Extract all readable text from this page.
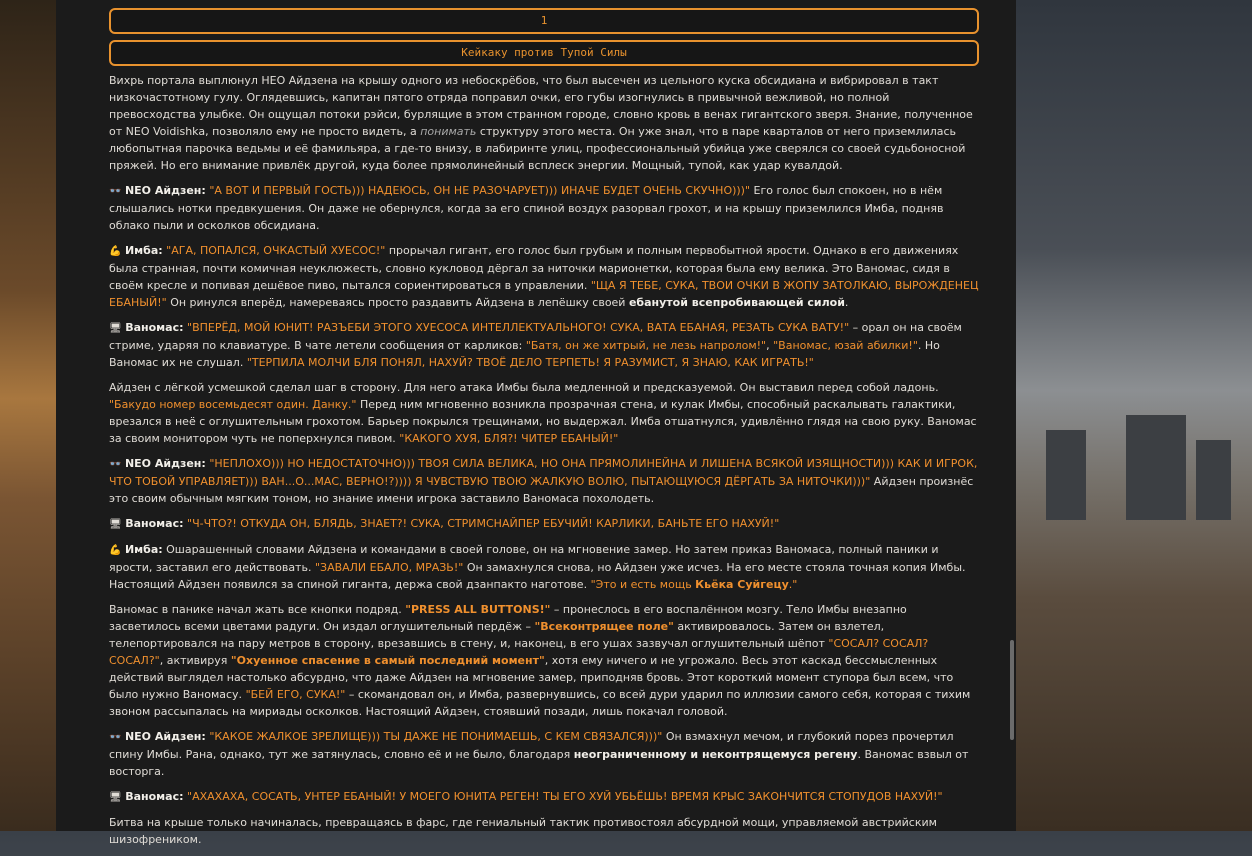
1
Кейкаку против Тупой Силы

Вихрь портала выплюнул НЕО Айдзена на крышу одного из небоскрёбов, что был высечен из цельного куска обсидиана и вибрировал в такт низкочастотному гулу. Оглядевшись, капитан пятого отряда поправил очки, его губы изогнулись в привычной вежливой, но полной превосходства улыбке. Он ощущал потоки рэйси, бурлящие в этом странном городе, словно кровь в венах гигантского зверя. Знание, полученное от NEO Voidishka, позволяло ему не просто видеть, а понимать структуру этого места. Он уже знал, что в паре кварталов от него приземлилась любопытная парочка ведьмы и её фамильяра, а где-то внизу, в лабиринте улиц, профессиональный убийца уже сверялся со своей судьбоносной пряжей. Но его внимание привлёк другой, куда более прямолинейный всплеск энергии. Мощный, тупой, как удар кувалдой.

👓 NEO Айдзен: "А ВОТ И ПЕРВЫЙ ГОСТЬ))) НАДЕЮСЬ, ОН НЕ РАЗОЧАРУЕТ))) ИНАЧЕ БУДЕТ ОЧЕНЬ СКУЧНО)))" Его голос был спокоен, но в нём слышались нотки предвкушения. Он даже не обернулся, когда за его спиной воздух разорвал грохот, и на крышу приземлился Имба, подняв облако пыли и осколков обсидиана.

💪 Имба: "АГА, ПОПАЛСЯ, ОЧКАСТЫЙ ХУЕСОС!" прорычал гигант, его голос был грубым и полным первобытной ярости. Однако в его движениях была странная, почти комичная неуклюжесть, словно кукловод дёргал за ниточки марионетки, которая была ему велика. Это Ваномас, сидя в своём кресле и попивая дешёвое пиво, пытался сориентироваться в управлении. "ЩА Я ТЕБЕ, СУКА, ТВОИ ОЧКИ В ЖОПУ ЗАТОЛКАЮ, ВЫРОЖДЕНЕЦ ЕБАНЫЙ!" Он ринулся вперёд, намереваясь просто раздавить Айдзена в лепёшку своей ебанутой всепробивающей силой.

🖥 Ваномас: "ВПЕРЁД, МОЙ ЮНИТ! РАЗЪЕБИ ЭТОГО ХУЕСОСА ИНТЕЛЛЕКТУАЛЬНОГО! СУКА, ВАТА ЕБАНАЯ, РЕЗАТЬ СУКА ВАТУ!" – орал он на своём стриме, ударяя по клавиатуре. В чате летели сообщения от карликов: "Батя, он же хитрый, не лезь напролом!", "Ваномас, юзай абилки!". Но Ваномас их не слушал. "ТЕРПИЛА МОЛЧИ БЛЯ ПОНЯЛ, НАХУЙ? ТВОЁ ДЕЛО ТЕРПЕТЬ! Я РАЗУМИСТ, Я ЗНАЮ, КАК ИГРАТЬ!"

Айдзен с лёгкой усмешкой сделал шаг в сторону. Для него атака Имбы была медленной и предсказуемой. Он выставил перед собой ладонь. "Бакудо номер восемьдесят один. Данку." Перед ним мгновенно возникла прозрачная стена, и кулак Имбы, способный раскалывать галактики, врезался в неё с оглушительным грохотом. Барьер покрылся трещинами, но выдержал. Имба отшатнулся, удивлённо глядя на свою руку. Ваномас за своим монитором чуть не поперхнулся пивом. "КАКОГО ХУЯ, БЛЯ?! ЧИТЕР ЕБАНЫЙ!"

👓 NEO Айдзен: "НЕПЛОХО))) НО НЕДОСТАТОЧНО))) ТВОЯ СИЛА ВЕЛИКА, НО ОНА ПРЯМОЛИНЕЙНА И ЛИШЕНА ВСЯКОЙ ИЗЯЩНОСТИ))) КАК И ИГРОК, ЧТО ТОБОЙ УПРАВЛЯЕТ))) ВАН...О...МАС, ВЕРНО!?)))) Я ЧУВСТВУЮ ТВОЮ ЖАЛКУЮ ВОЛЮ, ПЫТАЮЩУЮСЯ ДЁРГАТЬ ЗА НИТОЧКИ)))" Айдзен произнёс это своим обычным мягким тоном, но знание имени игрока заставило Ваномаса похолодеть.

🖥 Ваномас: "Ч-ЧТО?! ОТКУДА ОН, БЛЯДЬ, ЗНАЕТ?! СУКА, СТРИМСНАЙПЕР ЕБУЧИЙ! КАРЛИКИ, БАНЬТЕ ЕГО НАХУЙ!"

💪 Имба: Ошарашенный словами Айдзена и командами в своей голове, он на мгновение замер. Но затем приказ Ваномаса, полный паники и ярости, заставил его действовать. "ЗАВАЛИ ЕБАЛО, МРАЗЬ!" Он замахнулся снова, но Айдзен уже исчез. На его месте стояла точная копия Имбы. Настоящий Айдзен появился за спиной гиганта, держа свой дзанпакто наготове. "Это и есть мощь Кьёка Суйгецу."

Ваномас в панике начал жать все кнопки подряд. "PRESS ALL BUTTONS!" – пронеслось в его воспалённом мозгу. Тело Имбы внезапно засветилось всеми цветами радуги. Он издал оглушительный пердёж – "Всеконтрящее поле" активировалось. Затем он взлетел, телепортировался на пару метров в сторону, врезавшись в стену, и, наконец, в его ушах зазвучал оглушительный шёпот "СОСАЛ? СОСАЛ? СОСАЛ?", активируя "Охуенное спасение в самый последний момент", хотя ему ничего и не угрожало. Весь этот каскад бессмысленных действий выглядел настолько абсурдно, что даже Айдзен на мгновение замер, приподняв бровь. Этот короткий момент ступора был всем, что было нужно Ваномасу. "БЕЙ ЕГО, СУКА!" – скомандовал он, и Имба, развернувшись, со всей дури ударил по иллюзии самого себя, которая с тихим звоном рассыпалась на мириады осколков. Настоящий Айдзен, стоявший позади, лишь покачал головой.

👓 NEO Айдзен: "КАКОЕ ЖАЛКОЕ ЗРЕЛИЩЕ))) ТЫ ДАЖЕ НЕ ПОНИМАЕШЬ, С КЕМ СВЯЗАЛСЯ)))" Он взмахнул мечом, и глубокий порез прочертил спину Имбы. Рана, однако, тут же затянулась, словно её и не было, благодаря неограниченному и неконтрящемуся регену. Ваномас взвыл от восторга.

🖥 Ваномас: "АХАХАХА, СОСАТЬ, УНТЕР ЕБАНЫЙ! У МОЕГО ЮНИТА РЕГЕН! ТЫ ЕГО ХУЙ УБЬЁШЬ! ВРЕМЯ КРЫС ЗАКОНЧИТСЯ СТОПУДОВ НАХУЙ!"

Битва на крыше только начиналась, превращаясь в фарс, где гениальный тактик противостоял абсурдной мощи, управляемой австрийским шизофреником.
